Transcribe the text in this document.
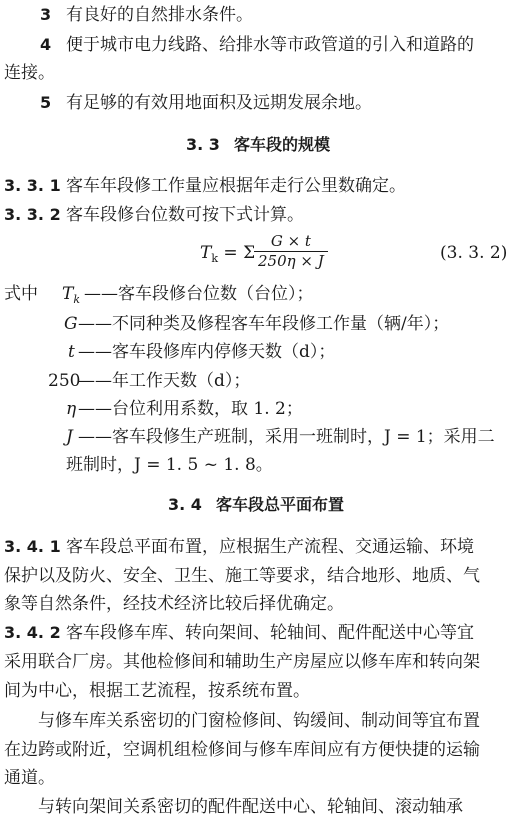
3 有良好的自然排水条件。
4 便于城市电力线路、给排水等市政管道的引入和道路的
连接。
5 有足够的有效用地面积及远期发展余地。
3. 3 客车段的规模
3. 3. 1 客车年段修工作量应根据年走行公里数确定。
3. 3. 2 客车段修台位数可按下式计算。
$T_k = \Sigma$
$\frac{G \times t}{250\eta \times J}$	(3. 3. 2)
式中 $T_k$ ——客车段修台位数（台位）；
G ——不同种类及修程客车年段修工作量（辆/年）；
t ——客车段修库内停修天数（d）；
250
——年工作天数（d）；
η ——台位利用系数，取 1. 2；
J ——客车段修生产班制，采用一班制时，J = 1；采用二
班制时，J = 1. 5 ~ 1. 8。
3. 4 客车段总平面布置
3. 4. 1 客车段总平面布置，应根据生产流程、交通运输、环境
保护以及防火、安全、卫生、施工等要求，结合地形、地质、气
象等自然条件，经技术经济比较后择优确定。
3. 4. 2 客车段修车库、转向架间、轮轴间、配件配送中心等宜
采用联合厂房。其他检修间和辅助生产房屋应以修车库和转向架
间为中心，根据工艺流程，按系统布置。
与修车库关系密切的门窗检修间、钩缓间、制动间等宜布置
在边跨或附近，空调机组检修间与修车库间应有方便快捷的运输
通道。
与转向架间关系密切的配件配送中心、轮轴间、滚动轴承
